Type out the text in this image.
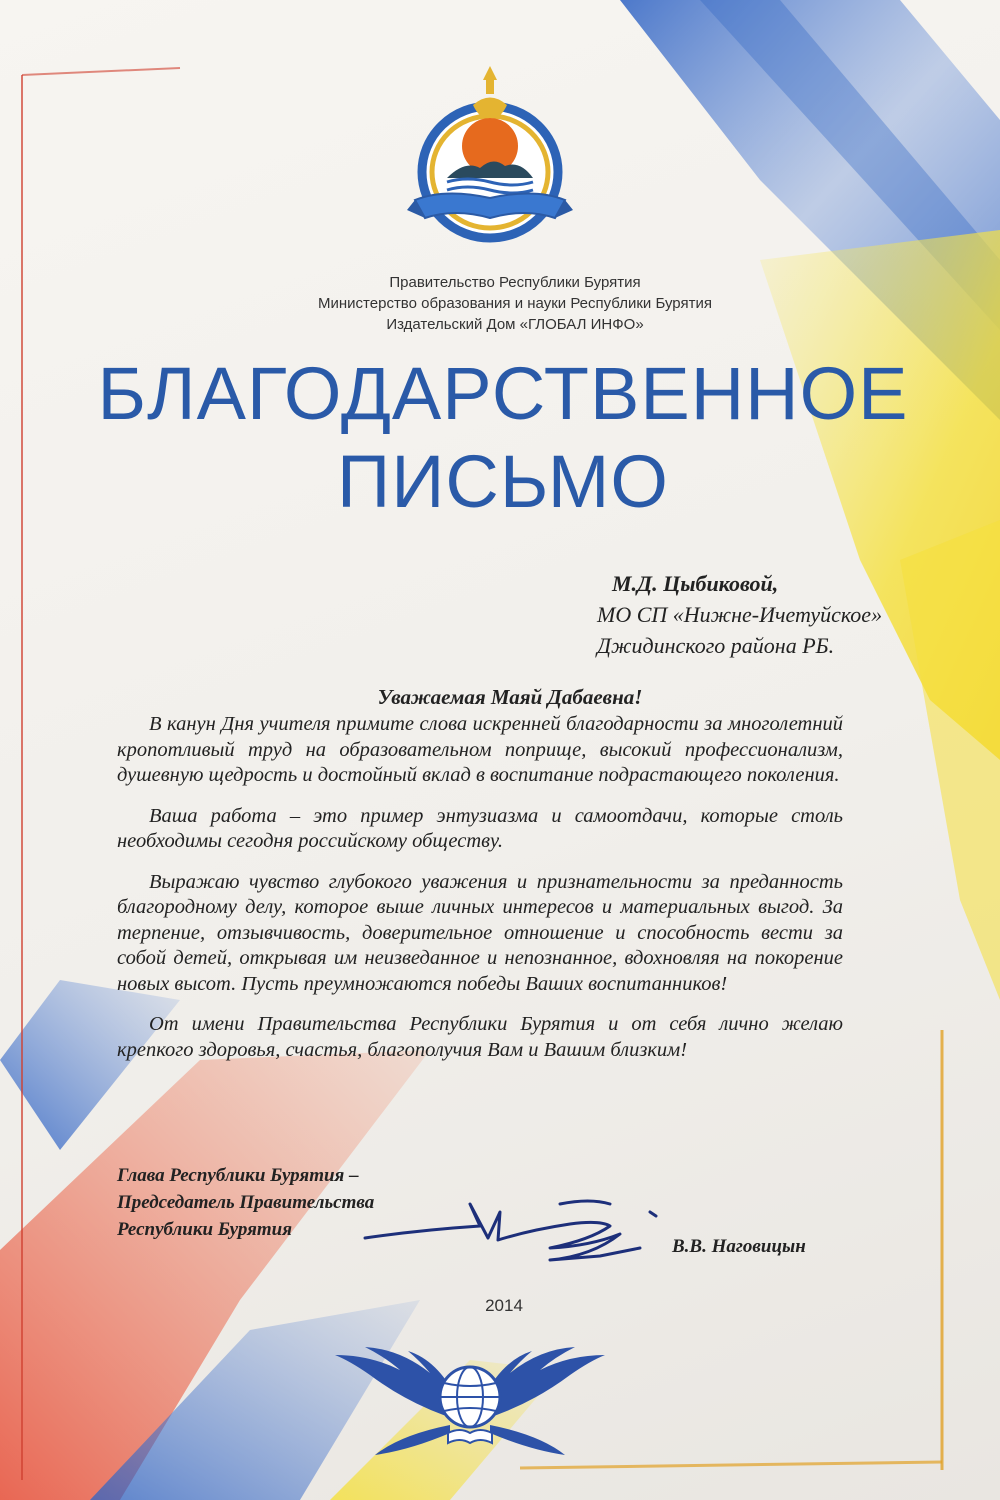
Правительство Республики Бурятия
Министерство образования и науки Республики Бурятия
Издательский Дом «ГЛОБАЛ ИНФО»
БЛАГОДАРСТВЕННОЕ
ПИСЬМО
М.Д. Цыбиковой,
МО СП «Нижне-Ичетуйское»
Джидинского района РБ.
Уважаемая Маяй Дабаевна!

В канун Дня учителя примите слова искренней благодарности за многолетний кропотливый труд на образовательном поприще, высокий профессионализм, душевную щедрость и достойный вклад в воспитание подрастающего поколения.

Ваша работа – это пример энтузиазма и самоотдачи, которые столь необходимы сегодня российскому обществу.

Выражаю чувство глубокого уважения и признательности за преданность благородному делу, которое выше личных интересов и материальных выгод. За терпение, отзывчивость, доверительное отношение и способность вести за собой детей, открывая им неизведанное и непознанное, вдохновляя на покорение новых высот. Пусть преумножаются победы Ваших воспитанников!

От имени Правительства Республики Бурятия и от себя лично желаю крепкого здоровья, счастья, благополучия Вам и Вашим близким!

Глава Республики Бурятия –
Председатель Правительства
Республики Бурятия
В.В. Наговицын
2014
